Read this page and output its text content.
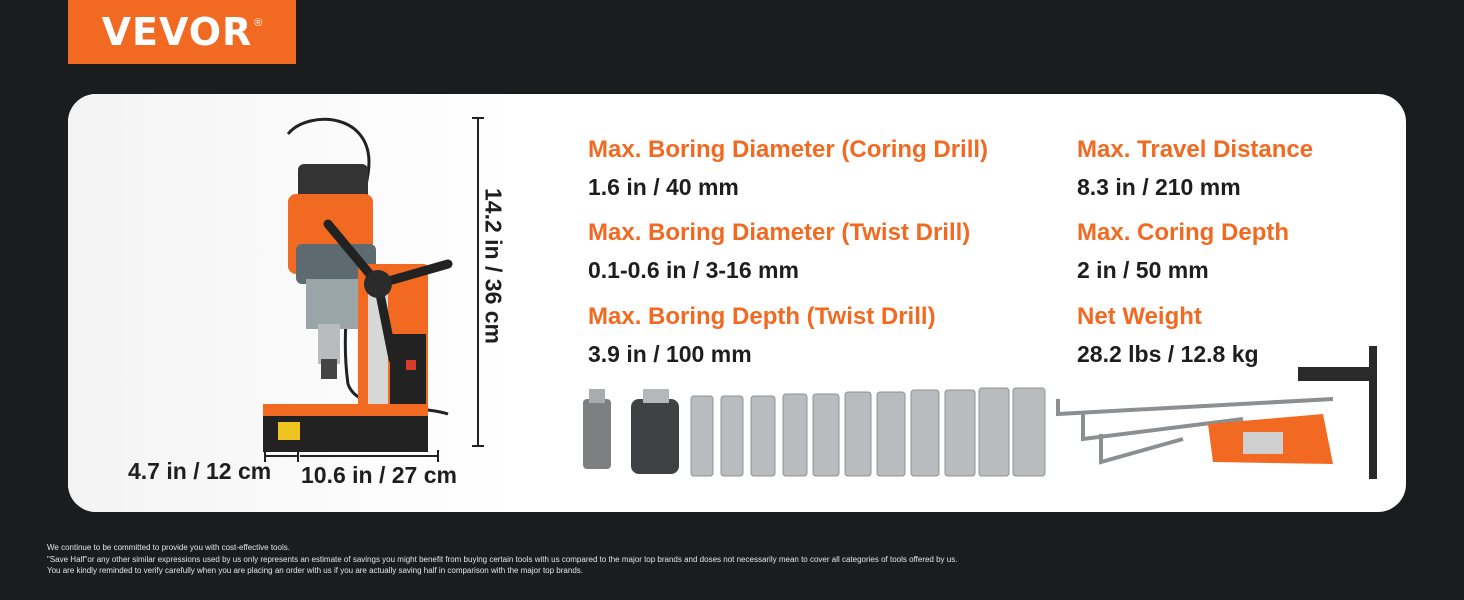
VEVOR ®
4.7 in / 12 cm 10.6 in / 27 cm
14.2 in / 36 cm
Max. Boring Diameter (Coring Drill)
1.6 in / 40 mm
Max. Boring Diameter (Twist Drill)
0.1-0.6 in / 3-16 mm
Max. Boring Depth (Twist Drill)
3.9 in / 100 mm
Max. Travel Distance
8.3 in / 210 mm
Max. Coring Depth
2 in / 50 mm
Net Weight
28.2 lbs / 12.8 kg
We continue to be committed to provide you with cost-effective tools.
"Save Half"or any other similar expressions used by us only represents an estimate of savings you might benefit from buying certain tools with us compared to the major top brands and doses not necessarily mean to cover all categories of tools offered by us.
You are kindly reminded to verify carefully when you are placing an order with us if you are actually saving half in comparison with the major top brands.
